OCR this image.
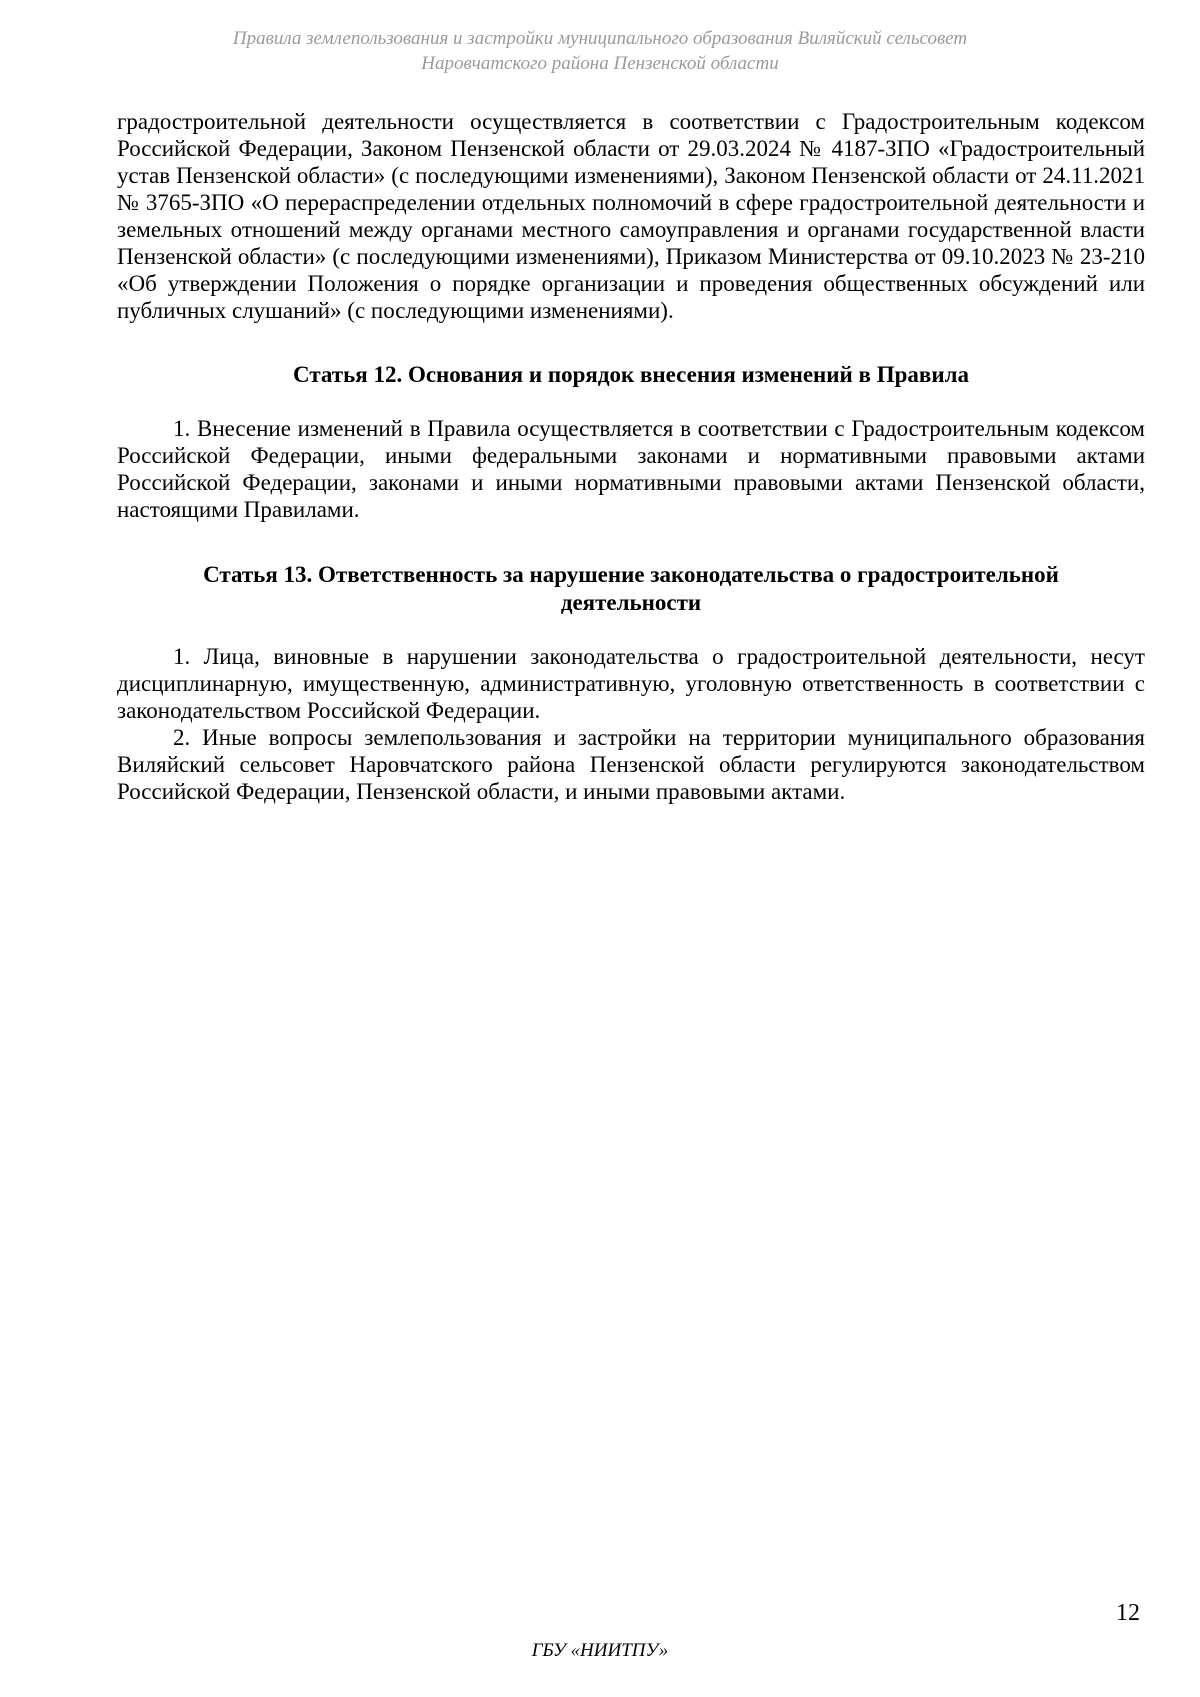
Правила землепользования и застройки муниципального образования Виляйский сельсовет
Наровчатского района Пензенской области

градостроительной деятельности осуществляется в соответствии с Градостроительным кодексом Российской Федерации, Законом Пензенской области от 29.03.2024 № 4187-ЗПО «Градостроительный устав Пензенской области» (с последующими изменениями), Законом Пензенской области от 24.11.2021 № 3765-ЗПО «О перераспределении отдельных полномочий в сфере градостроительной деятельности и земельных отношений между органами местного самоуправления и органами государственной власти Пензенской области» (с последующими изменениями), Приказом Министерства от 09.10.2023 № 23-210 «Об утверждении Положения о порядке организации и проведения общественных обсуждений или публичных слушаний» (с последующими изменениями).

Статья 12. Основания и порядок внесения изменений в Правила

1. Внесение изменений в Правила осуществляется в соответствии с Градостроительным кодексом Российской Федерации, иными федеральными законами и нормативными правовыми актами Российской Федерации, законами и иными нормативными правовыми актами Пензенской области, настоящими Правилами.

Статья 13. Ответственность за нарушение законодательства о градостроительной
деятельности

1. Лица, виновные в нарушении законодательства о градостроительной деятельности, несут дисциплинарную, имущественную, административную, уголовную ответственность в соответствии с законодательством Российской Федерации.

2. Иные вопросы землепользования и застройки на территории муниципального образования Виляйский сельсовет Наровчатского района Пензенской области регулируются законодательством Российской Федерации, Пензенской области, и иными правовыми актами.

12
ГБУ «НИИТПУ»
